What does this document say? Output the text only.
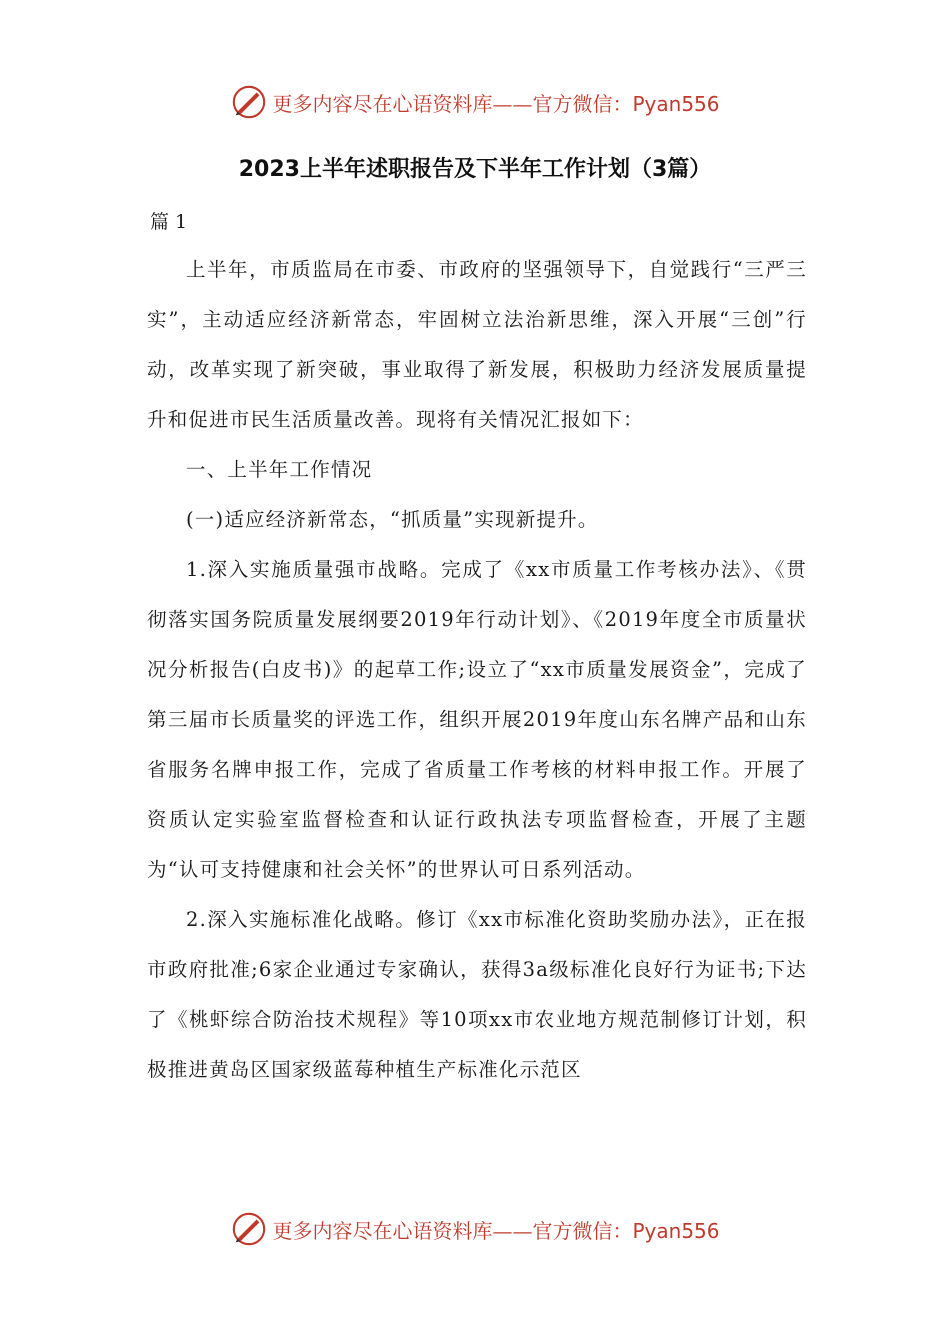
更多内容尽在心语资料库——官方微信：Pyan556
2023上半年述职报告及下半年工作计划（3篇）
篇 1

上半年，市质监局在市委、市政府的坚强领导下，自觉践行“三严三实”，主动适应经济新常态，牢固树立法治新思维，深入开展“三创”行动，改革实现了新突破，事业取得了新发展，积极助力经济发展质量提升和促进市民生活质量改善。现将有关情况汇报如下：

一、上半年工作情况

(一)适应经济新常态，“抓质量”实现新提升。

1.深入实施质量强市战略。完成了《xx市质量工作考核办法》、《贯彻落实国务院质量发展纲要2019年行动计划》、《2019年度全市质量状况分析报告(白皮书)》的起草工作;设立了“xx市质量发展资金”，完成了第三届市长质量奖的评选工作，组织开展2019年度山东名牌产品和山东省服务名牌申报工作，完成了省质量工作考核的材料申报工作。开展了资质认定实验室监督检查和认证行政执法专项监督检查，开展了主题为“认可支持健康和社会关怀”的世界认可日系列活动。

2.深入实施标准化战略。修订《xx市标准化资助奖励办法》，正在报市政府批准;6家企业通过专家确认，获得3a级标准化良好行为证书;下达了《桃虾综合防治技术规程》等10项xx市农业地方规范制修订计划，积极推进黄岛区国家级蓝莓种植生产标准化示范区

更多内容尽在心语资料库——官方微信：Pyan556
